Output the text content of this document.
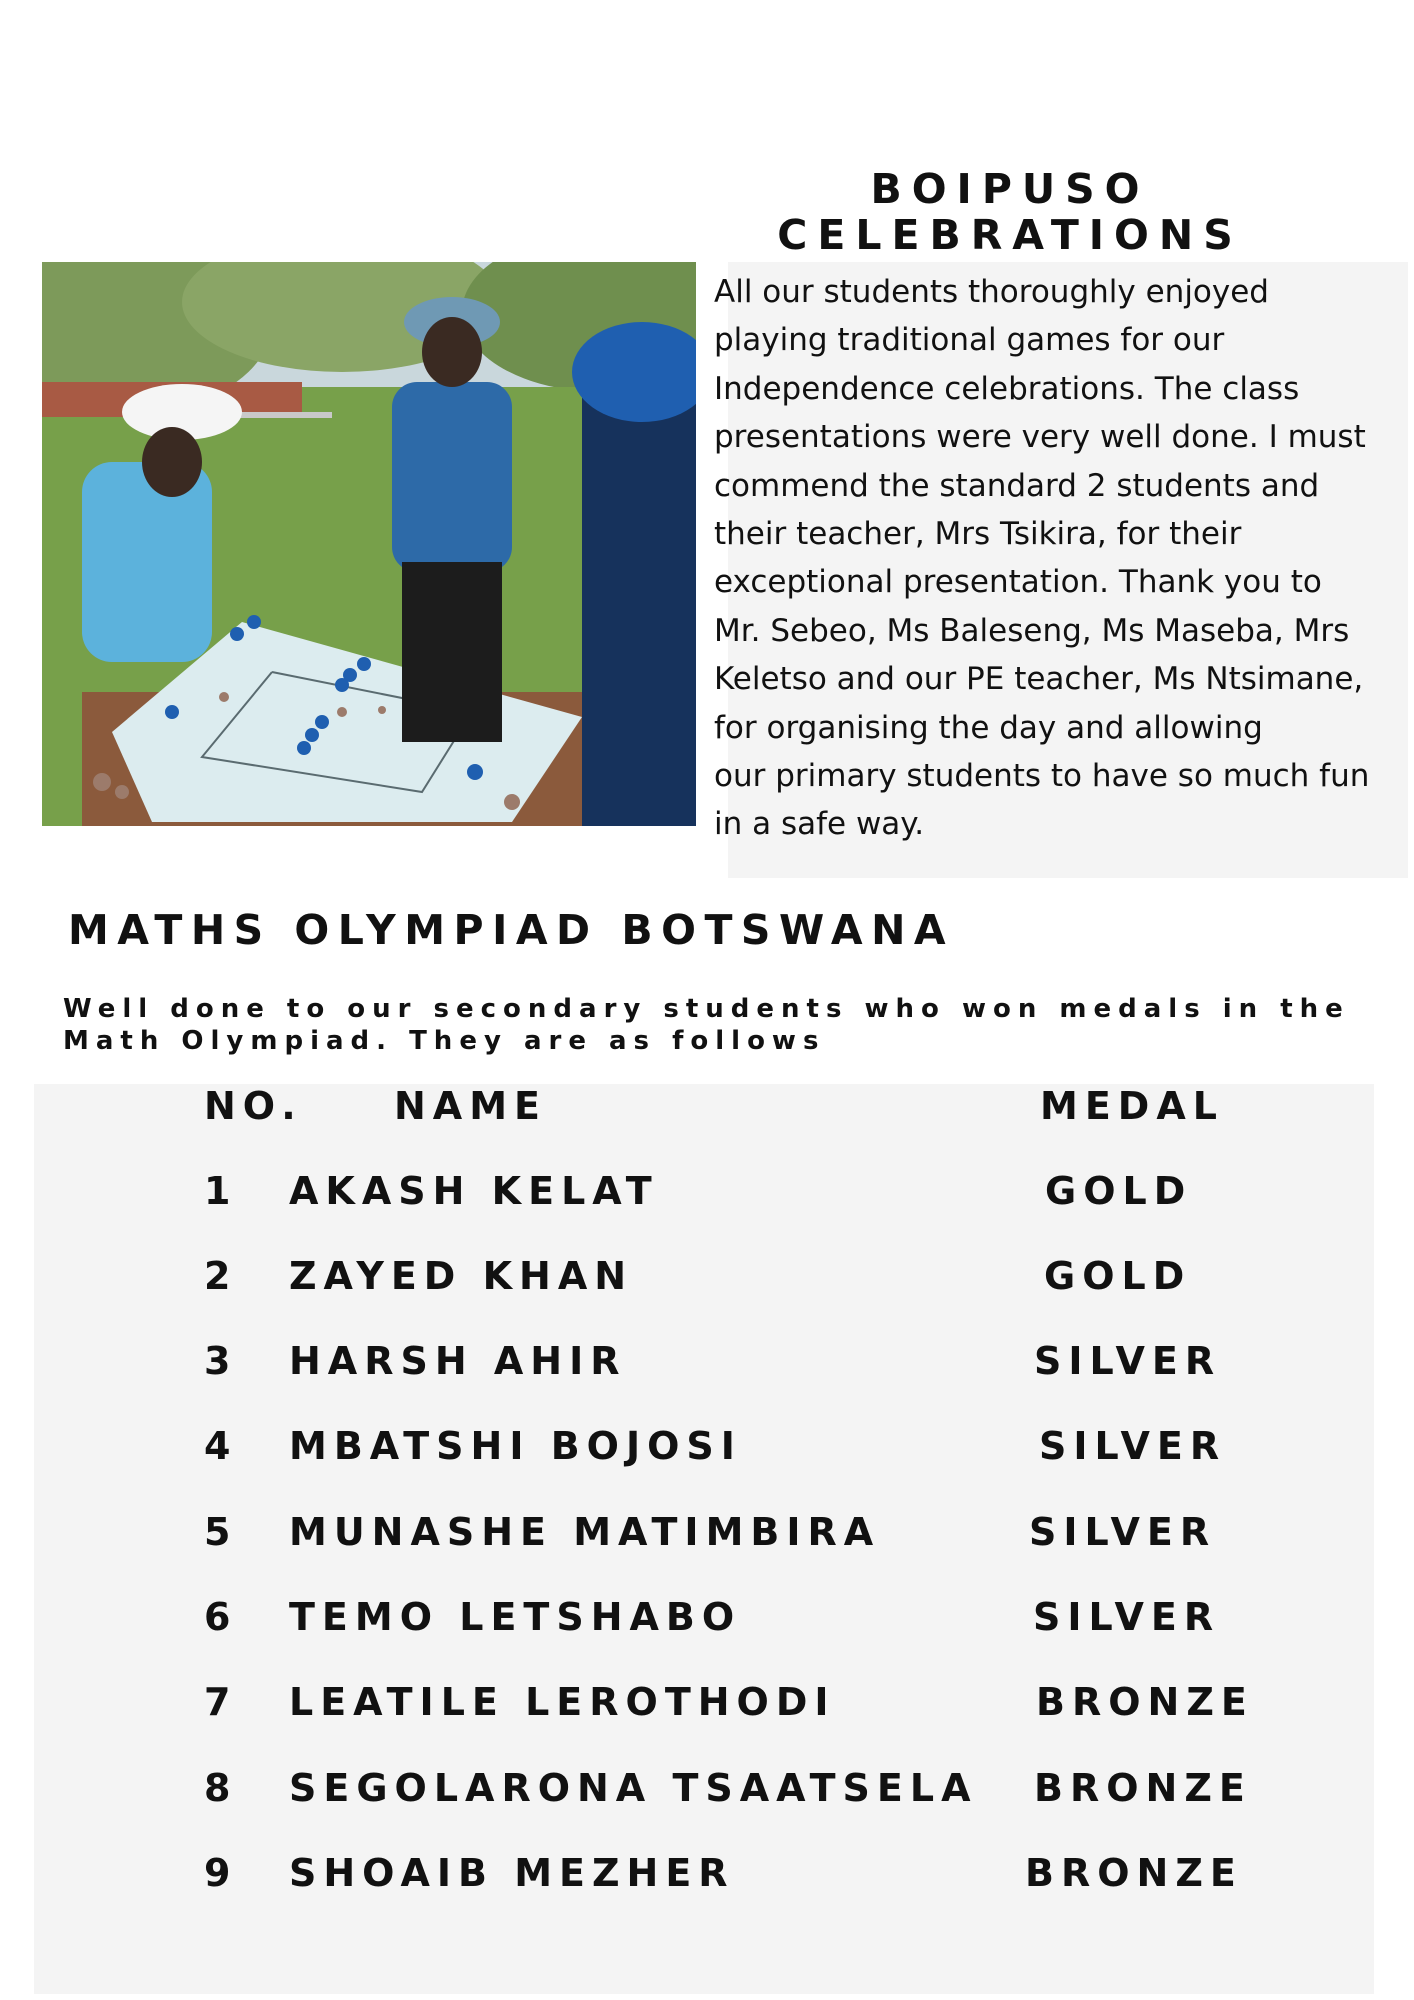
BOIPUSO
CELEBRATIONS
All our students thoroughly enjoyed
playing traditional games for our
Independence celebrations. The class
presentations were very well done. I must
commend the standard 2 students and
their teacher, Mrs Tsikira, for their
exceptional presentation. Thank you to
Mr. Sebeo, Ms Baleseng, Ms Maseba, Mrs
Keletso and our PE teacher, Ms Ntsimane,
for organising the day and allowing
our primary students to have so much fun
in a safe way.
MATHS OLYMPIAD BOTSWANA
Well done to our secondary students who won medals in the
Math Olympiad. They are as follows
NO. NAME	MEDAL
1 AKASH KELAT	GOLD
2 ZAYED KHAN	GOLD
3 HARSH AHIR	SILVER
4 MBATSHI BOJOSI	SILVER
5 MUNASHE MATIMBIRA	SILVER
6 TEMO LETSHABO	SILVER
7 LEATILE LEROTHODI	BRONZE
8 SEGOLARONA TSAATSELA BRONZE
9 SHOAIB MEZHER	BRONZE
